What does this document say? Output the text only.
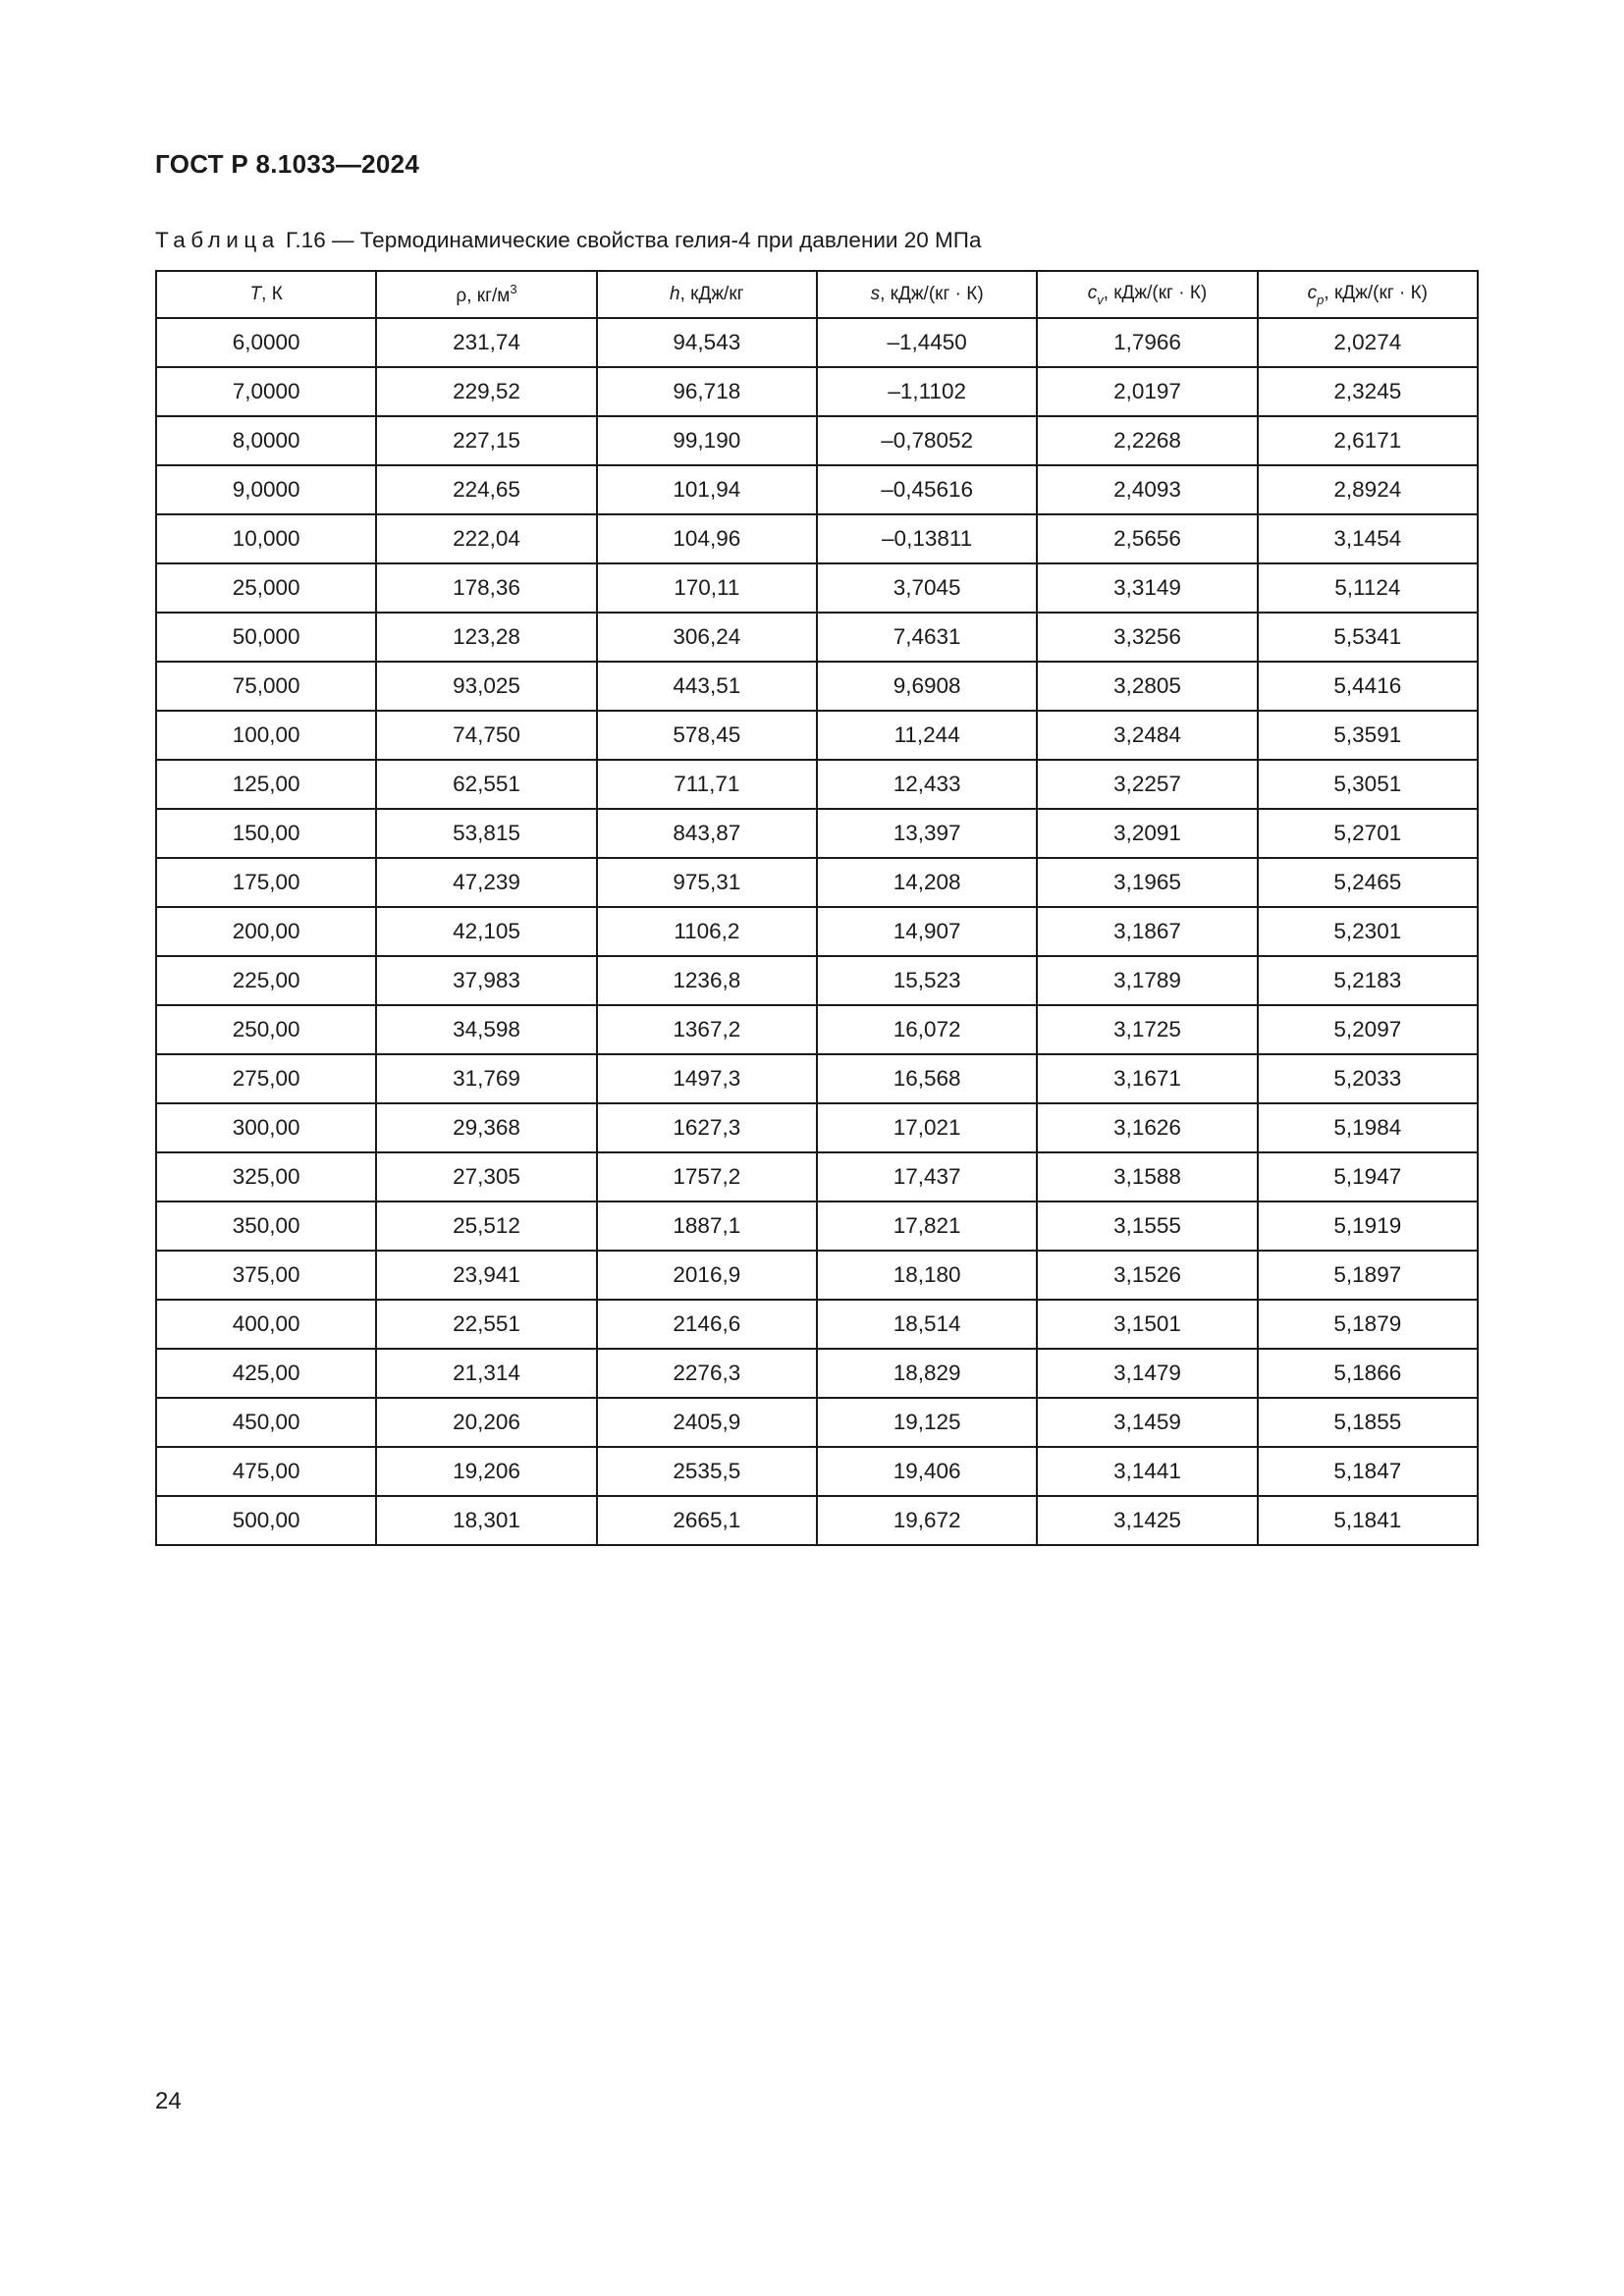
ГОСТ Р 8.1033—2024
Таблица Г.16 — Термодинамические свойства гелия-4 при давлении 20 МПа
T, К	ρ, $кг/м^3$	h, кДж/кг	s, кДж/(кг · К)	$c_v$, кДж/(кг · К)	$c_p$, кДж/(кг · К)
6,0000	231,74	94,543	–1,4450	1,7966	2,0274
7,0000	229,52	96,718	–1,1102	2,0197	2,3245
8,0000	227,15	99,190	–0,78052	2,2268	2,6171
9,0000	224,65	101,94	–0,45616	2,4093	2,8924
10,000	222,04	104,96	–0,13811	2,5656	3,1454
25,000	178,36	170,11	3,7045	3,3149	5,1124
50,000	123,28	306,24	7,4631	3,3256	5,5341
75,000	93,025	443,51	9,6908	3,2805	5,4416
100,00	74,750	578,45	11,244	3,2484	5,3591
125,00	62,551	711,71	12,433	3,2257	5,3051
150,00	53,815	843,87	13,397	3,2091	5,2701
175,00	47,239	975,31	14,208	3,1965	5,2465
200,00	42,105	1106,2	14,907	3,1867	5,2301
225,00	37,983	1236,8	15,523	3,1789	5,2183
250,00	34,598	1367,2	16,072	3,1725	5,2097
275,00	31,769	1497,3	16,568	3,1671	5,2033
300,00	29,368	1627,3	17,021	3,1626	5,1984
325,00	27,305	1757,2	17,437	3,1588	5,1947
350,00	25,512	1887,1	17,821	3,1555	5,1919
375,00	23,941	2016,9	18,180	3,1526	5,1897
400,00	22,551	2146,6	18,514	3,1501	5,1879
425,00	21,314	2276,3	18,829	3,1479	5,1866
450,00	20,206	2405,9	19,125	3,1459	5,1855
475,00	19,206	2535,5	19,406	3,1441	5,1847
500,00	18,301	2665,1	19,672	3,1425	5,1841
24
